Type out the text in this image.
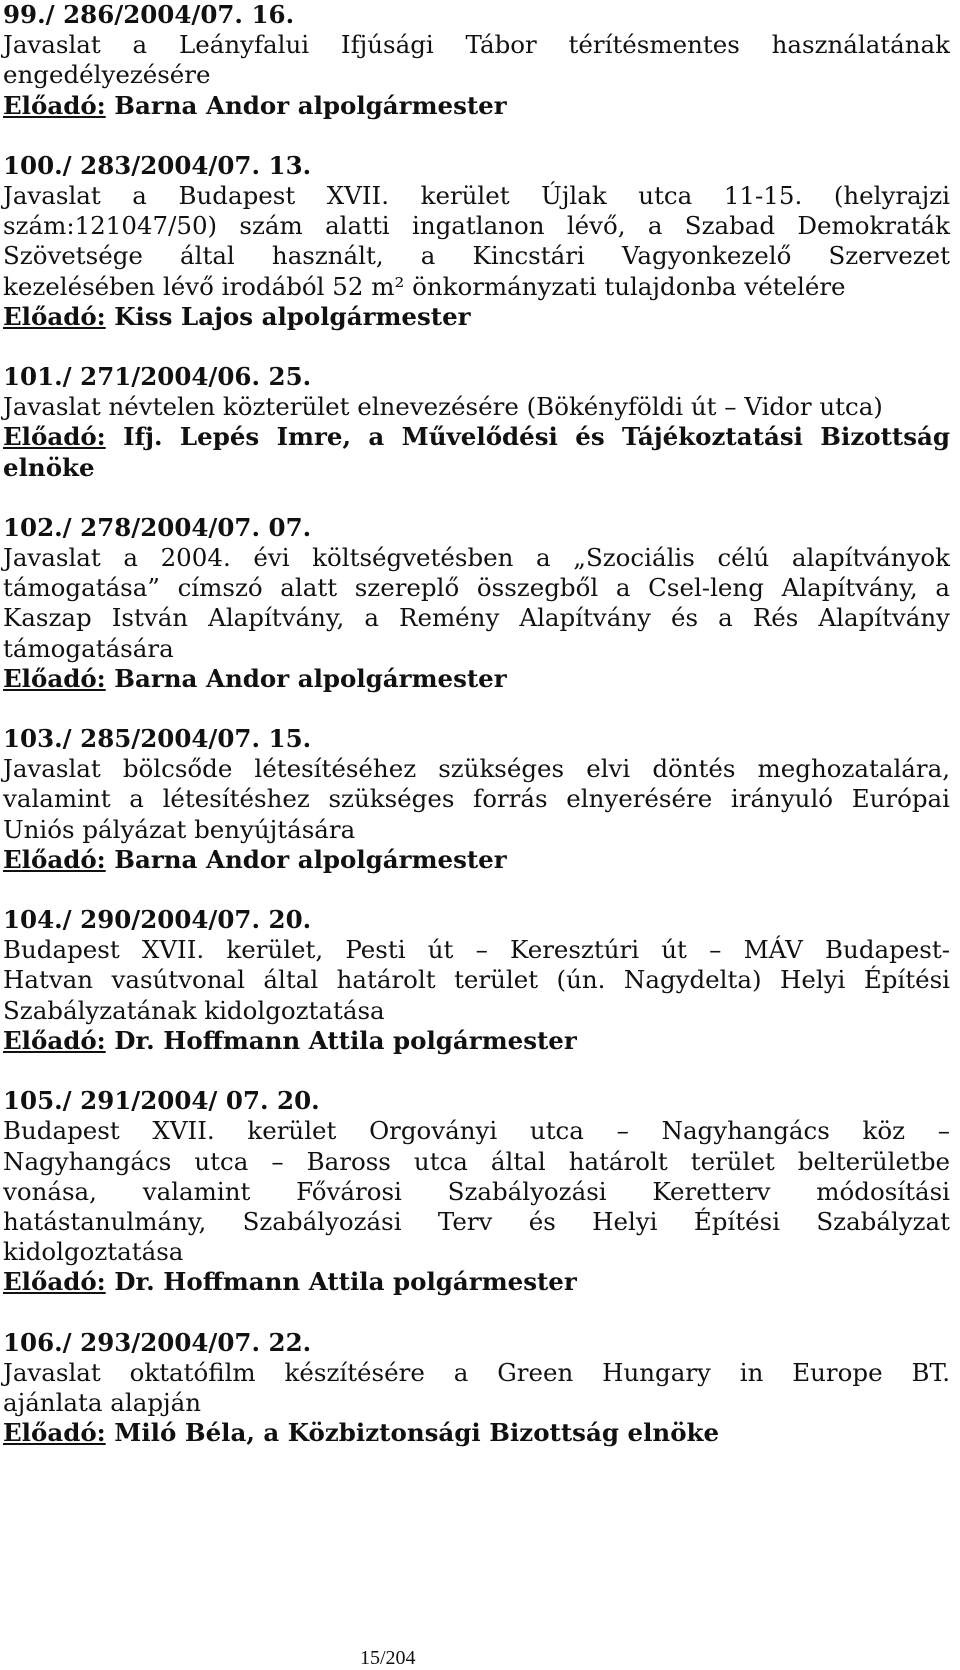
99./ 286/2004/07. 16.
Javaslat a Leányfalui Ifjúsági Tábor térítésmentes használatának
engedélyezésére
Előadó: Barna Andor alpolgármester
100./ 283/2004/07. 13.
Javaslat a Budapest XVII. kerület Újlak utca 11-15. (helyrajzi
szám:121047/50) szám alatti ingatlanon lévő, a Szabad Demokraták
Szövetsége által használt, a Kincstári Vagyonkezelő Szervezet
kezelésében lévő irodából 52 m² önkormányzati tulajdonba vételére
Előadó: Kiss Lajos alpolgármester
101./ 271/2004/06. 25.
Javaslat névtelen közterület elnevezésére (Bökényföldi út – Vidor utca)
Előadó: Ifj. Lepés Imre, a Művelődési és Tájékoztatási Bizottság
elnöke
102./ 278/2004/07. 07.
Javaslat a 2004. évi költségvetésben a „Szociális célú alapítványok
támogatása” címszó alatt szereplő összegből a Csel-leng Alapítvány, a
Kaszap István Alapítvány, a Remény Alapítvány és a Rés Alapítvány
támogatására
Előadó: Barna Andor alpolgármester
103./ 285/2004/07. 15.
Javaslat bölcsőde létesítéséhez szükséges elvi döntés meghozatalára,
valamint a létesítéshez szükséges forrás elnyerésére irányuló Európai
Uniós pályázat benyújtására
Előadó: Barna Andor alpolgármester
104./ 290/2004/07. 20.
Budapest XVII. kerület, Pesti út – Keresztúri út – MÁV Budapest-
Hatvan vasútvonal által határolt terület (ún. Nagydelta) Helyi Építési
Szabályzatának kidolgoztatása
Előadó: Dr. Hoffmann Attila polgármester
105./ 291/2004/ 07. 20.
Budapest XVII. kerület Orgoványi utca – Nagyhangács köz –
Nagyhangács utca – Baross utca által határolt terület belterületbe
vonása, valamint Fővárosi Szabályozási Keretterv módosítási
hatástanulmány, Szabályozási Terv és Helyi Építési Szabályzat
kidolgoztatása
Előadó: Dr. Hoffmann Attila polgármester
106./ 293/2004/07. 22.
Javaslat oktatófilm készítésére a Green Hungary in Europe BT.
ajánlata alapján
Előadó: Miló Béla, a Közbiztonsági Bizottság elnöke
15/204
